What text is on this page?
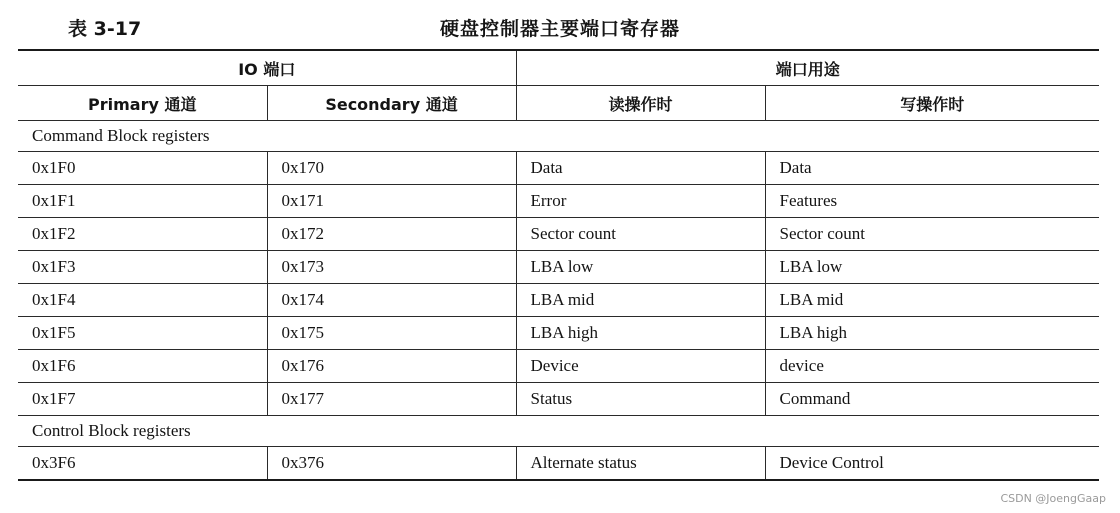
表 3-17	硬盘控制器主要端口寄存器
IO 端口		端口用途	
Primary 通道	Secondary 通道	读操作时	写操作时
Command Block registers			
0x1F0	0x170	Data	Data
0x1F1	0x171	Error	Features
0x1F2	0x172	Sector count	Sector count
0x1F3	0x173	LBA low	LBA low
0x1F4	0x174	LBA mid	LBA mid
0x1F5	0x175	LBA high	LBA high
0x1F6	0x176	Device	device
0x1F7	0x177	Status	Command
Control Block registers			
0x3F6	0x376	Alternate status	Device Control
CSDN @JoengGaap
